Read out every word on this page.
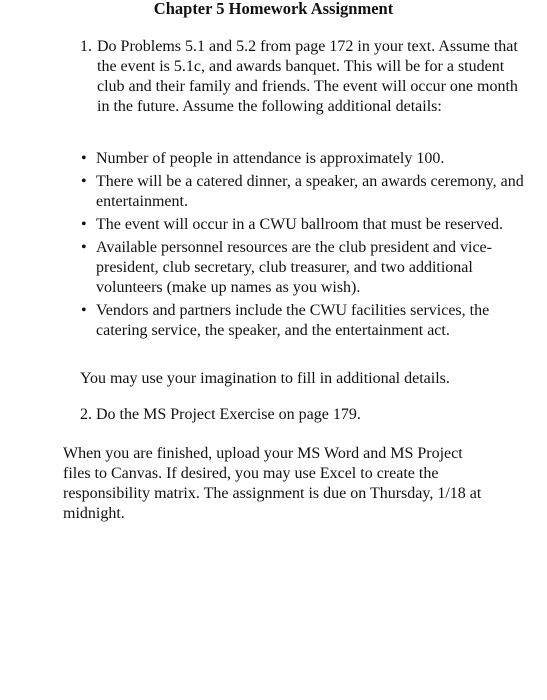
Chapter 5 Homework Assignment
1. Do Problems 5.1 and 5.2 from page 172 in your text. Assume that the event is 5.1c, and awards banquet. This will be for a student club and their family and friends. The event will occur one month in the future. Assume the following additional details:
• Number of people in attendance is approximately 100.
• There will be a catered dinner, a speaker, an awards ceremony, and entertainment.
• The event will occur in a CWU ballroom that must be reserved.
• Available personnel resources are the club president and vice-president, club secretary, club treasurer, and two additional volunteers (make up names as you wish).
• Vendors and partners include the CWU facilities services, the catering service, the speaker, and the entertainment act.
You may use your imagination to fill in additional details.
2. Do the MS Project Exercise on page 179.
When you are finished, upload your MS Word and MS Project files to Canvas. If desired, you may use Excel to create the responsibility matrix. The assignment is due on Thursday, 1/18 at midnight.
